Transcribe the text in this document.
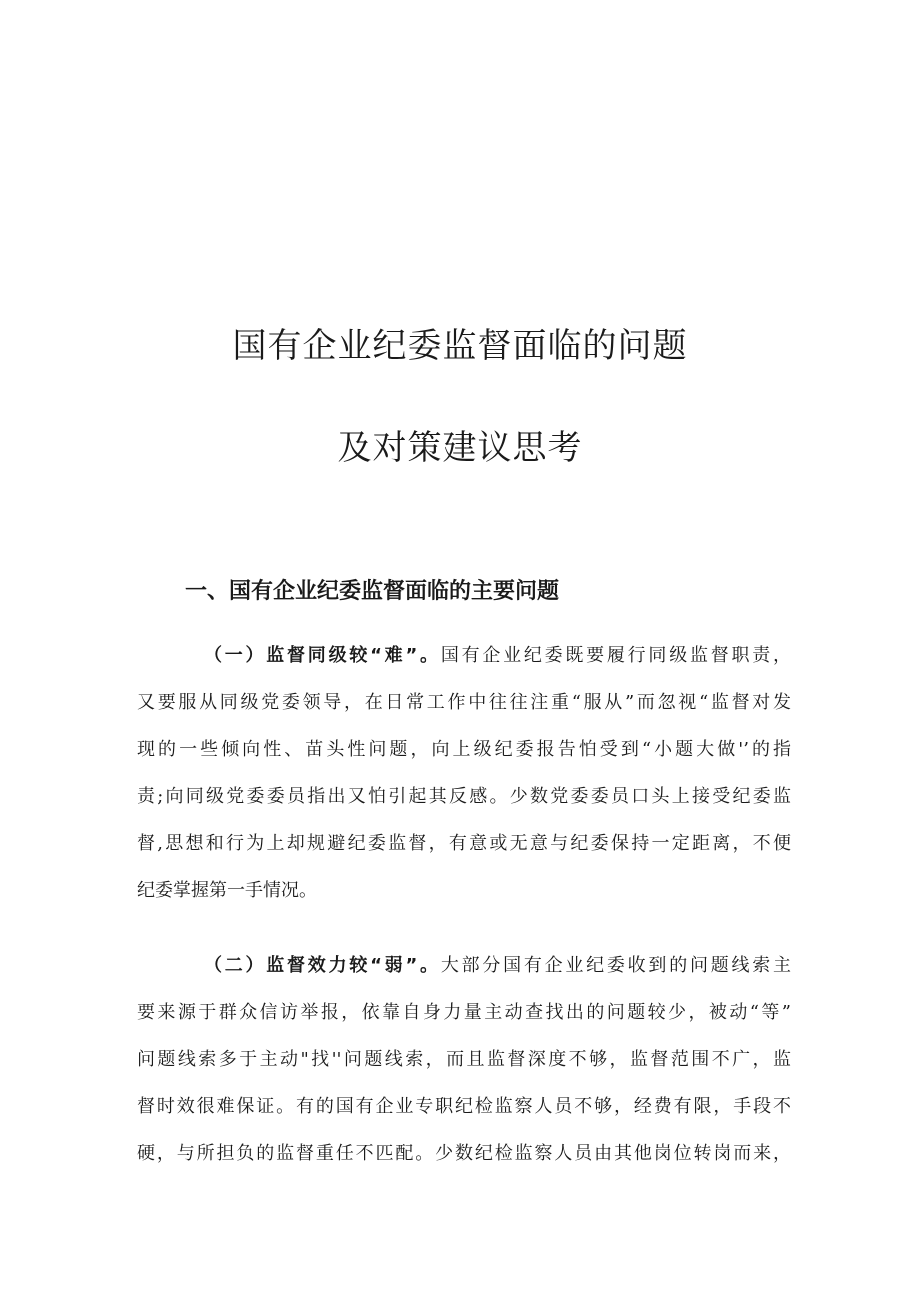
国有企业纪委监督面临的问题
及对策建议思考
一、国有企业纪委监督面临的主要问题
（一）监督同级较“难”。国有企业纪委既要履行同级监督职责，
又要服从同级党委领导，在日常工作中往往注重“服从”而忽视“监督对发
现的一些倾向性、苗头性问题，向上级纪委报告怕受到“小题大做'’的指
责;向同级党委委员指出又怕引起其反感。少数党委委员口头上接受纪委监
督,思想和行为上却规避纪委监督，有意或无意与纪委保持一定距离，不便
纪委掌握第一手情况。
（二）监督效力较“弱”。大部分国有企业纪委收到的问题线索主
要来源于群众信访举报，依靠自身力量主动查找出的问题较少，被动“等”
问题线索多于主动"找''问题线索，而且监督深度不够，监督范围不广，监
督时效很难保证。有的国有企业专职纪检监察人员不够，经费有限，手段不
硬，与所担负的监督重任不匹配。少数纪检监察人员由其他岗位转岗而来，
